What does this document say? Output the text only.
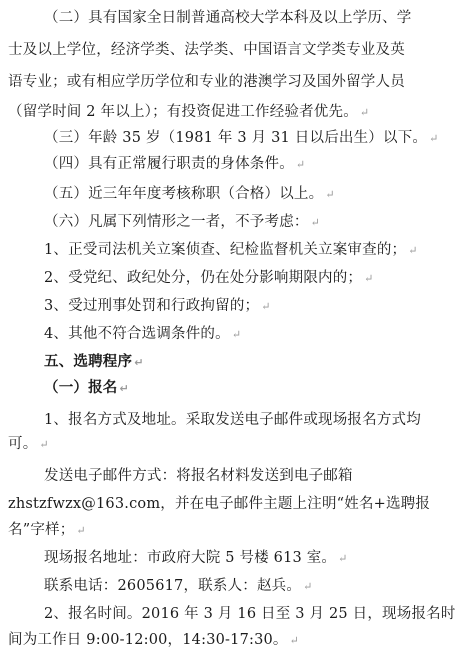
（二）具有国家全日制普通高校大学本科及以上学历、学
士及以上学位，经济学类、法学类、中国语言文学类专业及英
语专业；或有相应学历学位和专业的港澳学习及国外留学人员
（留学时间 2 年以上）；有投资促进工作经验者优先。 ↵
（三）年龄 35 岁（1981 年 3 月 31 日以后出生）以下。 ↵
（四）具有正常履行职责的身体条件。 ↵
（五）近三年年度考核称职（合格）以上。 ↵
（六）凡属下列情形之一者，不予考虑： ↵
1、正受司法机关立案侦查、纪检监督机关立案审查的； ↵
2、受党纪、政纪处分，仍在处分影响期限内的； ↵
3、受过刑事处罚和行政拘留的； ↵
4、其他不符合选调条件的。 ↵
五、选聘程序 ↵
（一）报名 ↵
1、报名方式及地址。采取发送电子邮件或现场报名方式均
可。 ↵
发送电子邮件方式：将报名材料发送到电子邮箱
zhstzfwzx@163.com，并在电子邮件主题上注明“姓名+选聘报
名”字样； ↵
现场报名地址：市政府大院 5 号楼 613 室。 ↵
联系电话：2605617，联系人：赵兵。 ↵
2、报名时间。2016 年 3 月 16 日至 3 月 25 日，现场报名时
间为工作日 9:00-12:00，14:30-17:30。 ↵
